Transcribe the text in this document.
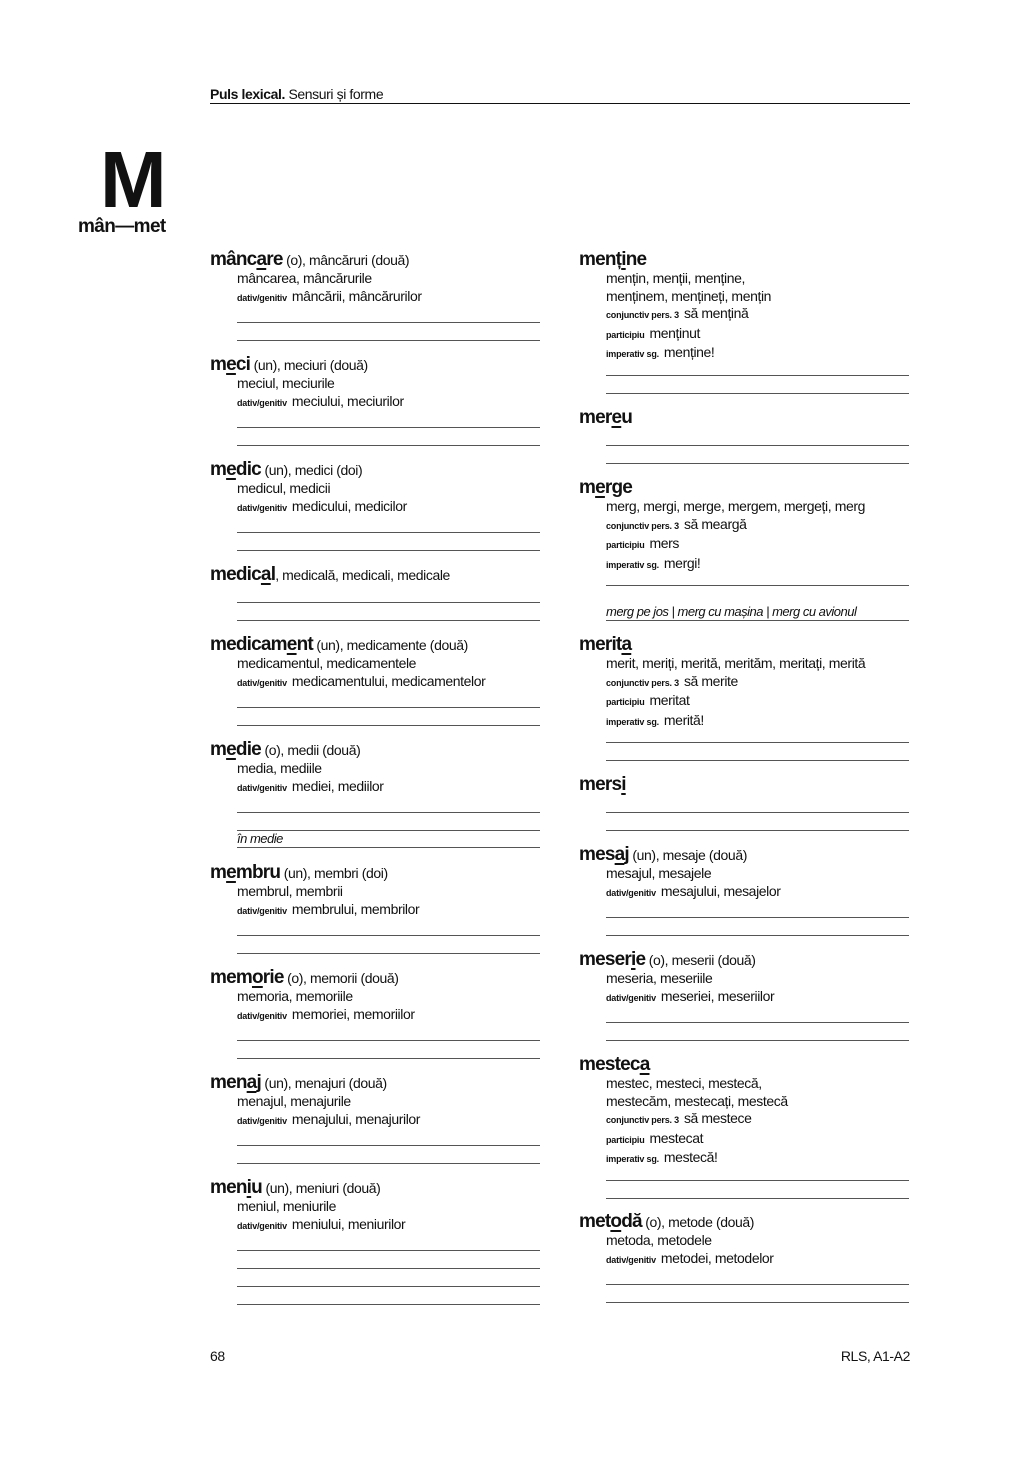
Puls lexical. Sensuri și forme
M
mân—met
mâncare (o), mâncăruri (două)
mâncarea, mâncărurile
dativ/genitiv mâncării, mâncărurilor
meci (un), meciuri (două)
meciul, meciurile
dativ/genitiv meciului, meciurilor
medic (un), medici (doi)
medicul, medicii
dativ/genitiv medicului, medicilor
medical, medicală, medicali, medicale
medicament (un), medicamente (două)
medicamentul, medicamentele
dativ/genitiv medicamentului, medicamentelor
medie (o), medii (două)
media, mediile
dativ/genitiv mediei, mediilor
în medie
membru (un), membri (doi)
membrul, membrii
dativ/genitiv membrului, membrilor
memorie (o), memorii (două)
memoria, memoriile
dativ/genitiv memoriei, memoriilor
menaj (un), menajuri (două)
menajul, menajurile
dativ/genitiv menajului, menajurilor
meniu (un), meniuri (două)
meniul, meniurile
dativ/genitiv meniului, meniurilor
menține
mențin, menții, menține,
menținem, mențineți, mențin
conjunctiv pers. 3 să mențină
participiu menținut
imperativ sg. menține!
mereu
merge
merg, mergi, merge, mergem, mergeți, merg
conjunctiv pers. 3 să meargă
participiu mers
imperativ sg. mergi!
merg pe jos | merg cu mașina | merg cu avionul
merita
merit, meriți, merită, merităm, meritați, merită
conjunctiv pers. 3 să merite
participiu meritat
imperativ sg. merită!
mersi
mesaj (un), mesaje (două)
mesajul, mesajele
dativ/genitiv mesajului, mesajelor
meserie (o), meserii (două)
meseria, meseriile
dativ/genitiv meseriei, meseriilor
mesteca
mestec, mesteci, mestecă,
mestecăm, mestecați, mestecă
conjunctiv pers. 3 să mestece
participiu mestecat
imperativ sg. mestecă!
metodă (o), metode (două)
metoda, metodele
dativ/genitiv metodei, metodelor
68	RLS, A1-A2
